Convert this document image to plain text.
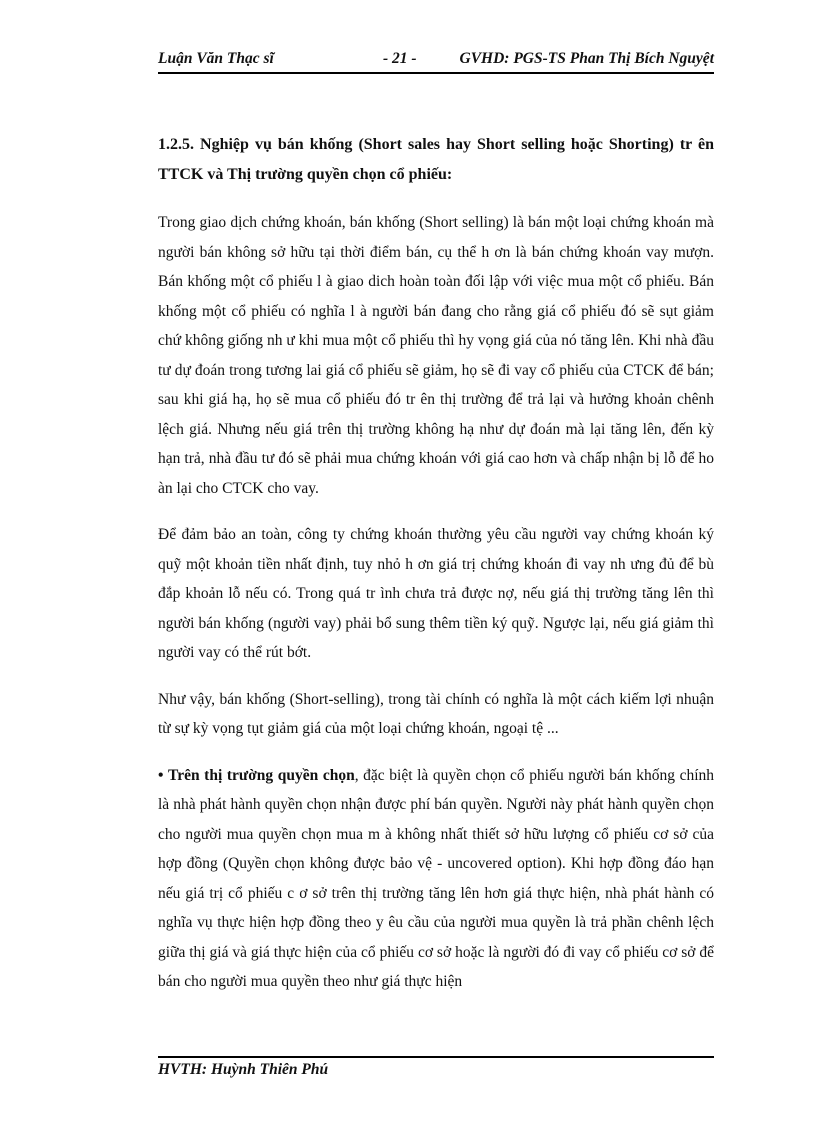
Luận Văn Thạc sĩ	- 21 -	GVHD: PGS-TS Phan Thị Bích Nguyệt

1.2.5. Nghiệp vụ bán khống (Short sales hay Short selling hoặc Shorting) tr ên TTCK và Thị trường quyền chọn cổ phiếu:

Trong giao dịch chứng khoán, bán khống (Short selling) là bán một loại chứng khoán mà người bán không sở hữu tại thời điểm bán, cụ thể h ơn là bán chứng khoán vay mượn. Bán khống một cổ phiếu l à giao dich hoàn toàn đối lập với việc mua một cổ phiếu. Bán khống một cổ phiếu có nghĩa l à người bán đang cho rằng giá cổ phiếu đó sẽ sụt giảm chứ không giống nh ư khi mua một cổ phiếu thì hy vọng giá của nó tăng lên. Khi nhà đầu tư dự đoán trong tương lai giá cổ phiếu sẽ giảm, họ sẽ đi vay cổ phiếu của CTCK để bán; sau khi giá hạ, họ sẽ mua cổ phiếu đó tr ên thị trường để trả lại và hưởng khoản chênh lệch giá. Nhưng nếu giá trên thị trường không hạ như dự đoán mà lại tăng lên, đến kỳ hạn trả, nhà đầu tư đó sẽ phải mua chứng khoán với giá cao hơn và chấp nhận bị lỗ để ho àn lại cho CTCK cho vay.

Để đảm bảo an toàn, công ty chứng khoán thường yêu cầu người vay chứng khoán ký quỹ một khoản tiền nhất định, tuy nhỏ h ơn giá trị chứng khoán đi vay nh ưng đủ để bù đắp khoản lỗ nếu có. Trong quá tr ình chưa trả được nợ, nếu giá thị trường tăng lên thì người bán khống (người vay) phải bổ sung thêm tiền ký quỹ. Ngược lại, nếu giá giảm thì người vay có thể rút bớt.

Như vậy, bán khống (Short-selling), trong tài chính có nghĩa là một cách kiếm lợi nhuận từ sự kỳ vọng tụt giảm giá của một loại chứng khoán, ngoại tệ ...

• Trên thị trường quyền chọn, đặc biệt là quyền chọn cổ phiếu người bán khống chính là nhà phát hành quyền chọn nhận được phí bán quyền. Người này phát hành quyền chọn cho người mua quyền chọn mua m à không nhất thiết sở hữu lượng cổ phiếu cơ sở của hợp đồng (Quyền chọn không được bảo vệ - uncovered option). Khi hợp đồng đáo hạn nếu giá trị cổ phiếu c ơ sở trên thị trường tăng lên hơn giá thực hiện, nhà phát hành có nghĩa vụ thực hiện hợp đồng theo y êu cầu của người mua quyền là trả phần chênh lệch giữa thị giá và giá thực hiện của cổ phiếu cơ sở hoặc là người đó đi vay cổ phiếu cơ sở để bán cho người mua quyền theo như giá thực hiện

HVTH: Huỳnh Thiên Phú
